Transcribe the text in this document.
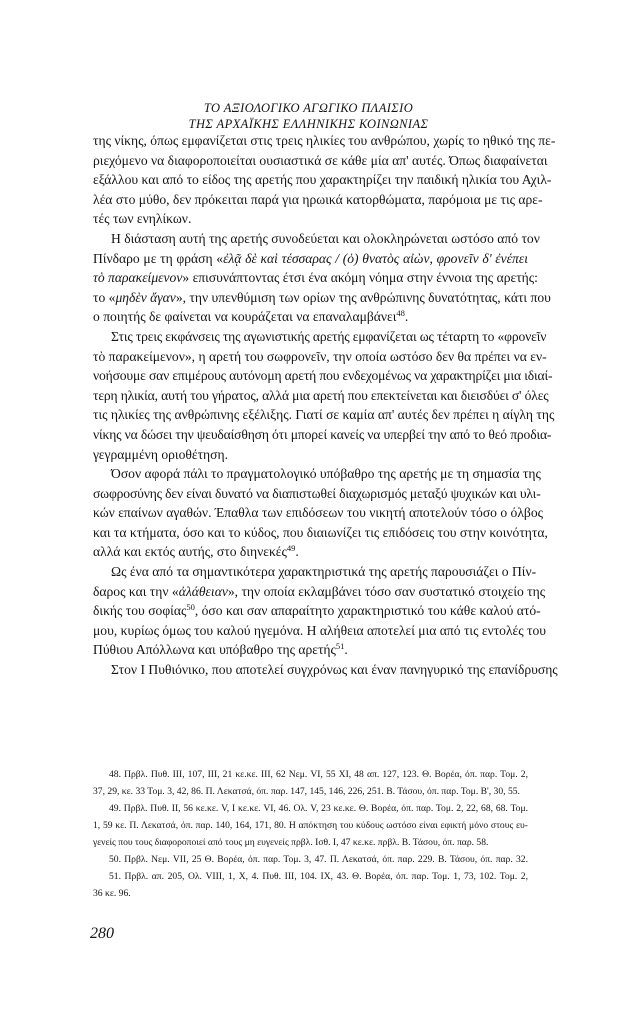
ΤΟ ΑΞΙΟΛΟΓΙΚΟ ΑΓΩΓΙΚΟ ΠΛΑΙΣΙΟ
ΤΗΣ ΑΡΧΑΪΚΗΣ ΕΛΛΗΝΙΚΗΣ ΚΟΙΝΩΝΙΑΣ
της νίκης, όπως εμφανίζεται στις τρεις ηλικίες του ανθρώπου, χωρίς το ηθικό της πε-
ριεχόμενο να διαφοροποιείται ουσιαστικά σε κάθε μία απ' αυτές. Όπως διαφαίνεται
εξάλλου και από το είδος της αρετής που χαρακτηρίζει την παιδική ηλικία του Αχιλ-
λέα στο μύθο, δεν πρόκειται παρά για ηρωικά κατορθώματα, παρόμοια με τις αρε-
τές των ενηλίκων.
Η διάσταση αυτή της αρετής συνοδεύεται και ολοκληρώνεται ωστόσο από τον
Πίνδαρο με τη φράση «ἐλᾷ δὲ καὶ τέσσαρας / (ὁ) θνατὸς αἰὼν, φρονεῖν δ' ἐνέπει
τὸ παρακείμενον» επισυνάπτοντας έτσι ένα ακόμη νόημα στην έννοια της αρετής:
το «μηδὲν ἄγαν», την υπενθύμιση των ορίων της ανθρώπινης δυνατότητας, κάτι που
ο ποιητής δε φαίνεται να κουράζεται να επαναλαμβάνει$^{48}$.
Στις τρεις εκφάνσεις της αγωνιστικής αρετής εμφανίζεται ως τέταρτη το «φρονεῖν
τὸ παρακείμενον», η αρετή του σωφρονεῖν, την οποία ωστόσο δεν θα πρέπει να εν-
νοήσουμε σαν επιμέρους αυτόνομη αρετή που ενδεχομένως να χαρακτηρίζει μια ιδιαί-
τερη ηλικία, αυτή του γήρατος, αλλά μια αρετή που επεκτείνεται και διεισδύει σ' όλες
τις ηλικίες της ανθρώπινης εξέλιξης. Γιατί σε καμία απ' αυτές δεν πρέπει η αίγλη της
νίκης να δώσει την ψευδαίσθηση ότι μπορεί κανείς να υπερβεί την από το θεό προδια-
γεγραμμένη οριοθέτηση.
Όσον αφορά πάλι το πραγματολογικό υπόβαθρο της αρετής με τη σημασία της
σωφροσύνης δεν είναι δυνατό να διαπιστωθεί διαχωρισμός μεταξύ ψυχικών και υλι-
κών επαίνων αγαθών. Έπαθλα των επιδόσεων του νικητή αποτελούν τόσο ο όλβος
και τα κτήματα, όσο και το κύδος, που διαιωνίζει τις επιδόσεις του στην κοινότητα,
αλλά και εκτός αυτής, στο διηνεκές$^{49}$.
Ως ένα από τα σημαντικότερα χαρακτηριστικά της αρετής παρουσιάζει ο Πίν-
δαρος και την «ἀλάθειαν», την οποία εκλαμβάνει τόσο σαν συστατικό στοιχείο της
δικής του σοφίας$^{50}$, όσο και σαν απαραίτητο χαρακτηριστικό του κάθε καλού ατό-
μου, κυρίως όμως του καλού ηγεμόνα. Η αλήθεια αποτελεί μια από τις εντολές του
Πύθιου Απόλλωνα και υπόβαθρο της αρετής$^{51}$.
Στον Ι Πυθιόνικο, που αποτελεί συγχρόνως και έναν πανηγυρικό της επανίδρυσης
48. Πρβλ. Πυθ. ΙΙΙ, 107, ΙΙΙ, 21 κε.κε. ΙΙΙ, 62 Νεμ. VI, 55 ΧΙ, 48 απ. 127, 123. Θ. Βορέα, όπ. παρ. Τομ. 2,
37, 29, κε. 33 Τομ. 3, 42, 86. Π. Λεκατσά, όπ. παρ. 147, 145, 146, 226, 251. Β. Τάσου, όπ. παρ. Τομ. Β', 30, 55.
49. Πρβλ. Πυθ. ΙΙ, 56 κε.κε. V, Ι κε.κε. VI, 46. Ολ. V, 23 κε.κε. Θ. Βορέα, όπ. παρ. Τομ. 2, 22, 68, 68. Τομ.
1, 59 κε. Π. Λεκατσά, όπ. παρ. 140, 164, 171, 80. Η απόκτηση του κύδους ωστόσο είναι εφικτή μόνο στους ευ-
γενείς που τους διαφοροποιεί από τους μη ευγενείς πρβλ. Ισθ. Ι, 47 κε.κε. πρβλ. Β. Τάσου, όπ. παρ. 58.
50. Πρβλ. Νεμ. VII, 25 Θ. Βορέα, όπ. παρ. Τομ. 3, 47. Π. Λεκατσά, όπ. παρ. 229. Β. Τάσου, όπ. παρ. 32.
51. Πρβλ. απ. 205, Ολ. VIII, 1, Χ, 4. Πυθ. ΙΙΙ, 104. ΙΧ, 43. Θ. Βορέα, όπ. παρ. Τομ. 1, 73, 102. Τομ. 2,
36 κε. 96.
280
